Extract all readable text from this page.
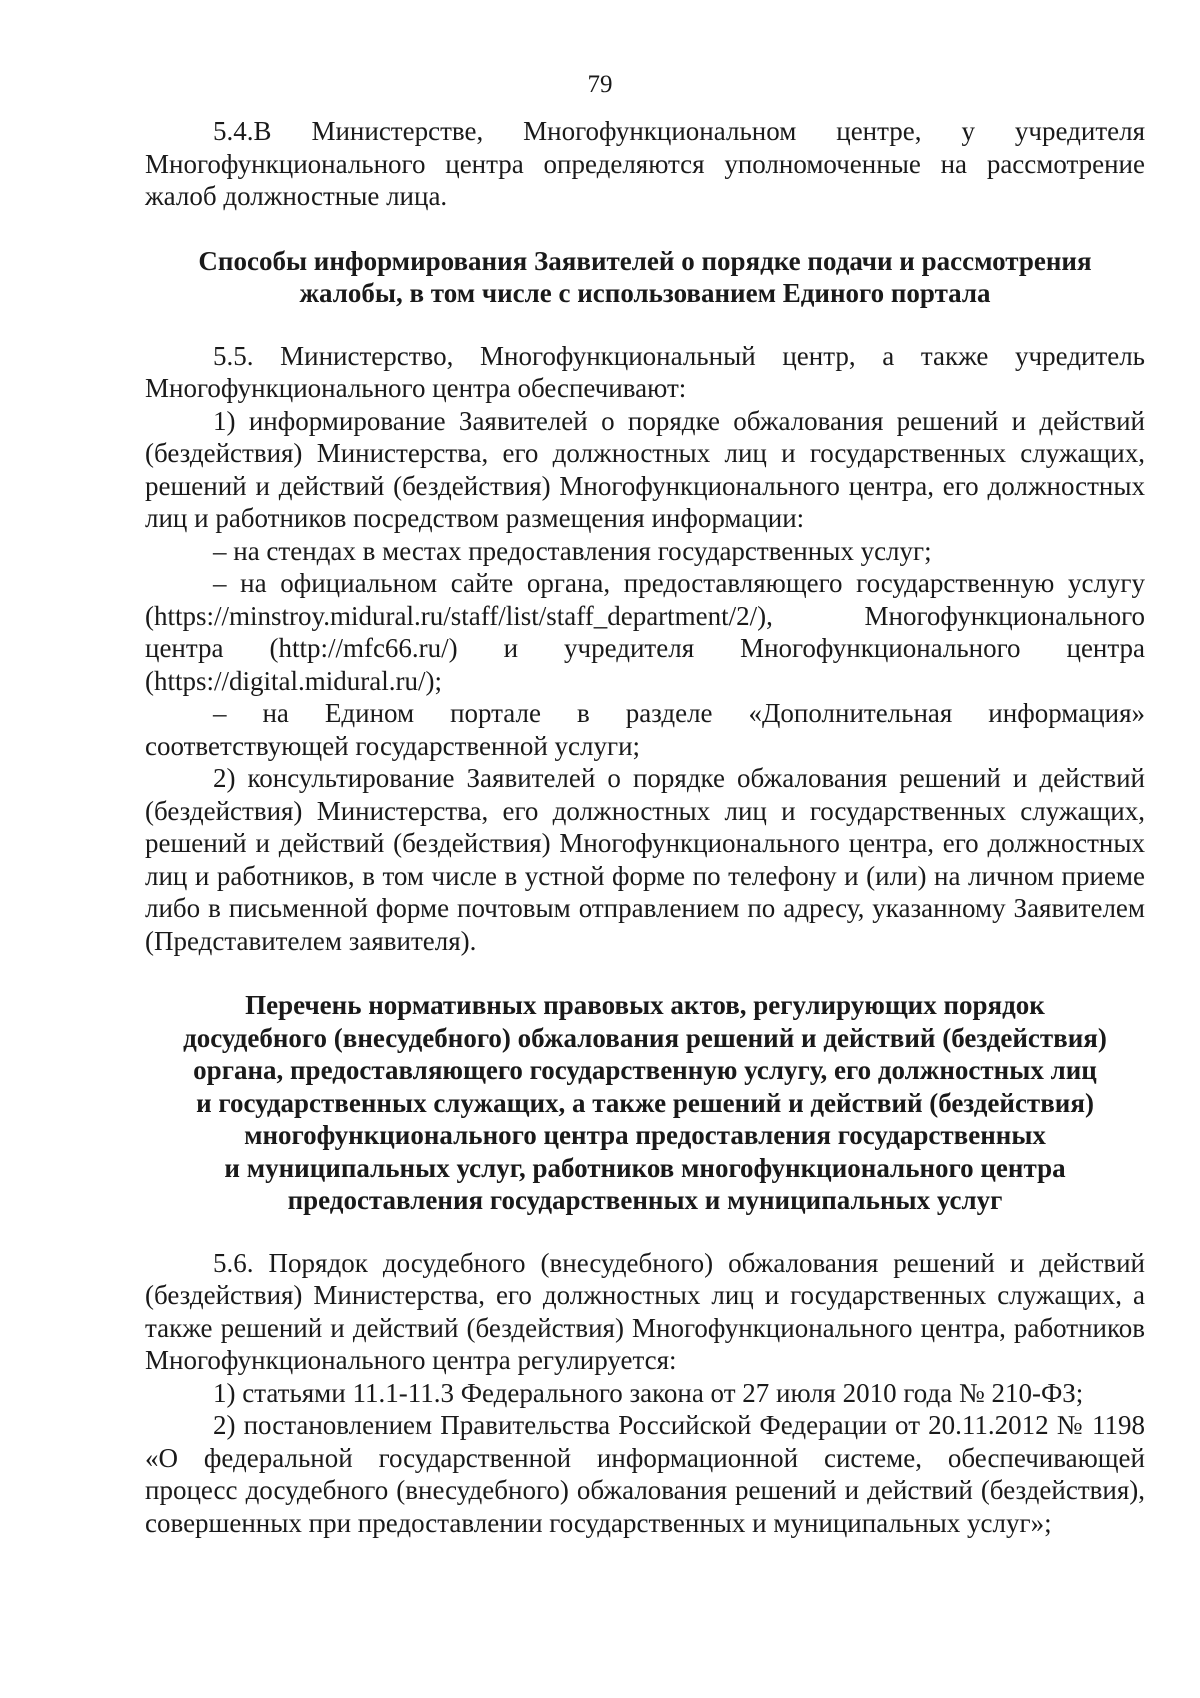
79

5.4.В Министерстве, Многофункциональном центре, у учредителя Многофункционального центра определяются уполномоченные на рассмотрение жалоб должностные лица.

Способы информирования Заявителей о порядке подачи и рассмотрения

жалобы, в том числе с использованием Единого портала

5.5. Министерство, Многофункциональный центр, а также учредитель Многофункционального центра обеспечивают:

1) информирование Заявителей о порядке обжалования решений и действий (бездействия) Министерства, его должностных лиц и государственных служащих, решений и действий (бездействия) Многофункционального центра, его должностных лиц и работников посредством размещения информации:

– на стендах в местах предоставления государственных услуг;

– на официальном сайте органа, предоставляющего государственную услугу (https://minstroy.midural.ru/staff/list/staff_department/2/), Многофункционального центра (http://mfc66.ru/) и учредителя Многофункционального центра (https://digital.midural.ru/);

– на Едином портале в разделе «Дополнительная информация» соответствующей государственной услуги;

2) консультирование Заявителей о порядке обжалования решений и действий (бездействия) Министерства, его должностных лиц и государственных служащих, решений и действий (бездействия) Многофункционального центра, его должностных лиц и работников, в том числе в устной форме по телефону и (или) на личном приеме либо в письменной форме почтовым отправлением по адресу, указанному Заявителем (Представителем заявителя).

Перечень нормативных правовых актов, регулирующих порядок

досудебного (внесудебного) обжалования решений и действий (бездействия)

органа, предоставляющего государственную услугу, его должностных лиц

и государственных служащих, а также решений и действий (бездействия)

многофункционального центра предоставления государственных

и муниципальных услуг, работников многофункционального центра

предоставления государственных и муниципальных услуг

5.6. Порядок досудебного (внесудебного) обжалования решений и действий (бездействия) Министерства, его должностных лиц и государственных служащих, а также решений и действий (бездействия) Многофункционального центра, работников Многофункционального центра регулируется:

1) статьями 11.1-11.3 Федерального закона от 27 июля 2010 года № 210-ФЗ;

2) постановлением Правительства Российской Федерации от 20.11.2012 № 1198 «О федеральной государственной информационной системе, обеспечивающей процесс досудебного (внесудебного) обжалования решений и действий (бездействия), совершенных при предоставлении государственных и муниципальных услуг»;
